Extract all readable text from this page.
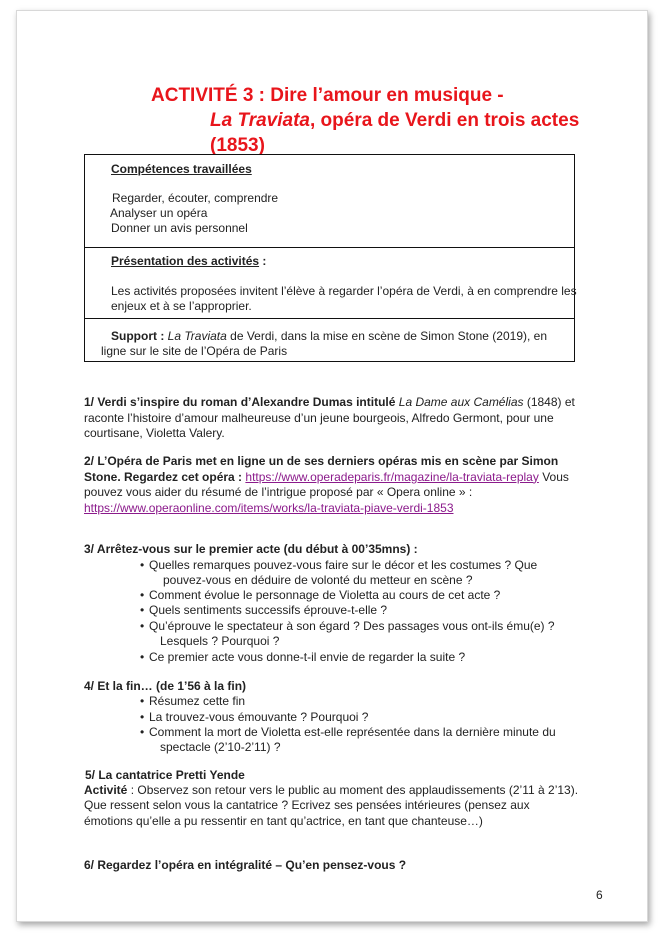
ACTIVITÉ 3 : Dire l’amour en musique -
La Traviata, opéra de Verdi en trois actes
(1853)
Compétences travaillées
Regarder, écouter, comprendre
Analyser un opéra
Donner un avis personnel
Présentation des activités :
Les activités proposées invitent l’élève à regarder l’opéra de Verdi, à en comprendre les
enjeux et à se l’approprier.
Support : La Traviata de Verdi, dans la mise en scène de Simon Stone (2019), en
ligne sur le site de l’Opéra de Paris
1/ Verdi s’inspire du roman d’Alexandre Dumas intitulé La Dame aux Camélias (1848) et raconte l’histoire d’amour malheureuse d’un jeune bourgeois, Alfredo Germont, pour une courtisane, Violetta Valery.
2/ L’Opéra de Paris met en ligne un de ses derniers opéras mis en scène par Simon Stone. Regardez cet opéra : https://www.operadeparis.fr/magazine/la-traviata-replay Vous pouvez vous aider du résumé de l’intrigue proposé par « Opera online » : https://www.operaonline.com/items/works/la-traviata-piave-verdi-1853
3/ Arrêtez-vous sur le premier acte (du début à 00’35mns) :
• Quelles remarques pouvez-vous faire sur le décor et les costumes ? Que
pouvez-vous en déduire de volonté du metteur en scène ?
• Comment évolue le personnage de Violetta au cours de cet acte ?
• Quels sentiments successifs éprouve-t-elle ?
• Qu’éprouve le spectateur à son égard ? Des passages vous ont-ils ému(e) ?
Lesquels ? Pourquoi ?
• Ce premier acte vous donne-t-il envie de regarder la suite ?
4/ Et la fin… (de 1’56 à la fin)
• Résumez cette fin
• La trouvez-vous émouvante ? Pourquoi ?
• Comment la mort de Violetta est-elle représentée dans la dernière minute du
spectacle (2’10-2’11) ?
5/ La cantatrice Pretti Yende
Activité : Observez son retour vers le public au moment des applaudissements (2’11 à 2’13).
Que ressent selon vous la cantatrice ? Ecrivez ses pensées intérieures (pensez aux
émotions qu’elle a pu ressentir en tant qu’actrice, en tant que chanteuse…)
6/ Regardez l’opéra en intégralité – Qu’en pensez-vous ?
6
